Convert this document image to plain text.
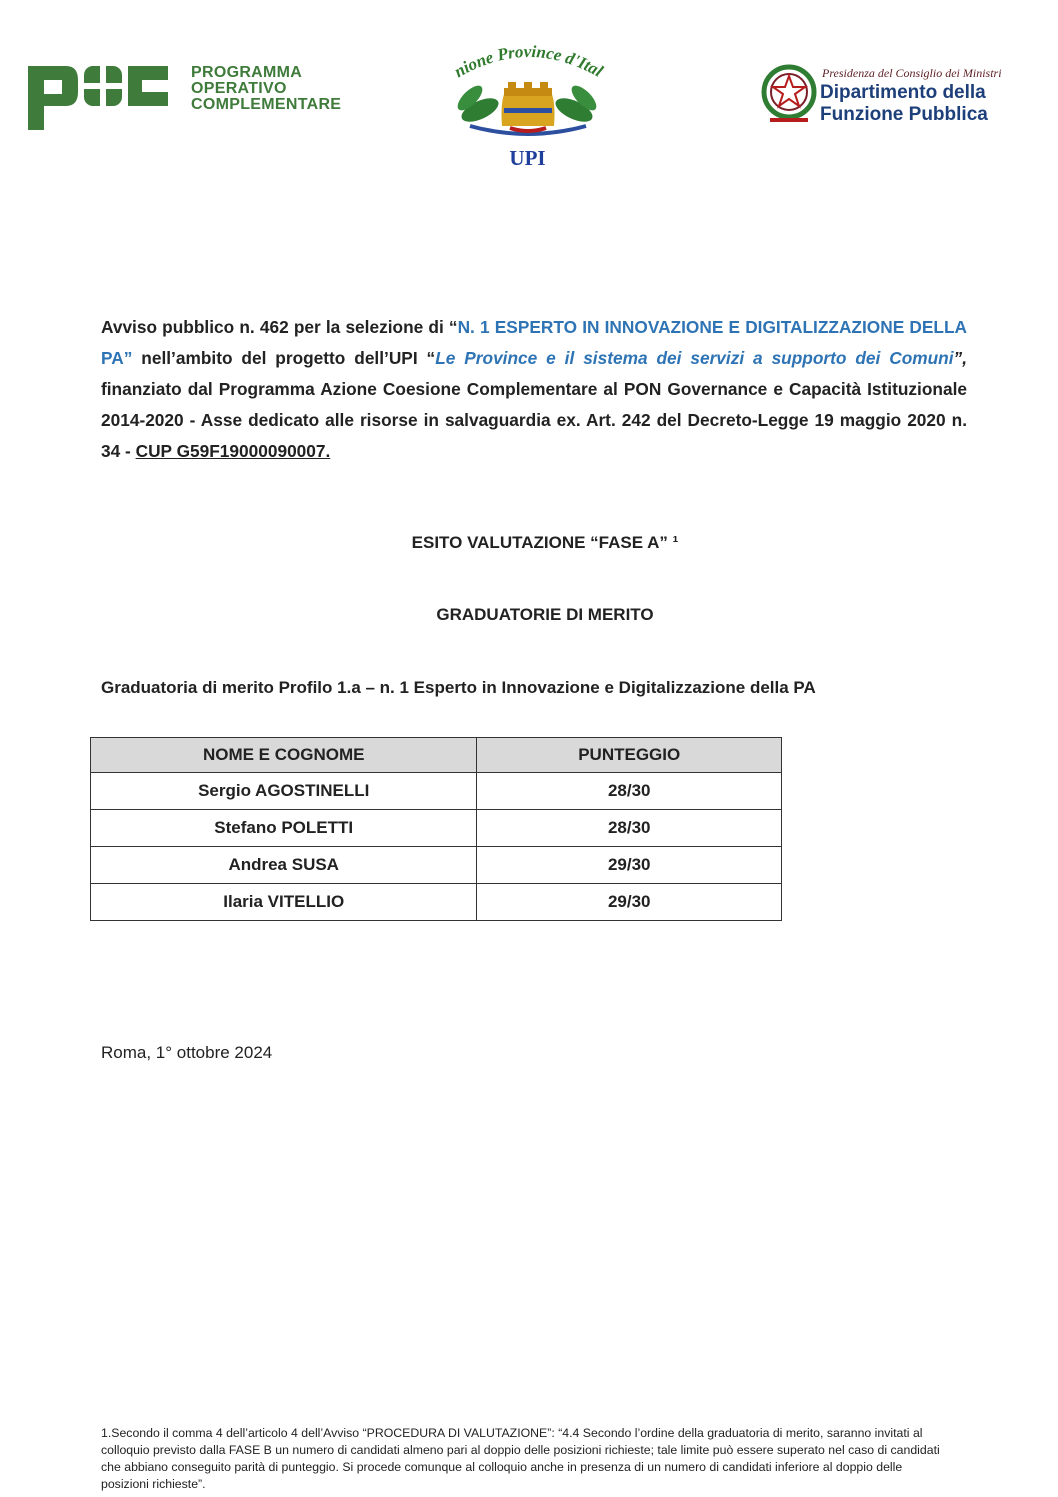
PROGRAMMA
OPERATIVO
COMPLEMENTARE
nione Province d'Ital
UPI
Presidenza del Consiglio dei Ministri
Dipartimento della
Funzione Pubblica
Avviso pubblico n. 462 per la selezione di “N. 1 ESPERTO IN INNOVAZIONE E DIGITALIZZAZIONE DELLA PA” nell’ambito del progetto dell’UPI “Le Province e il sistema dei servizi a supporto dei Comuni”, finanziato dal Programma Azione Coesione Complementare al PON Governance e Capacità Istituzionale 2014-2020 - Asse dedicato alle risorse in salvaguardia ex. Art. 242 del Decreto-Legge 19 maggio 2020 n. 34 - CUP G59F19000090007.
ESITO VALUTAZIONE “FASE A” ¹
GRADUATORIE DI MERITO
Graduatoria di merito Profilo 1.a – n. 1 Esperto in Innovazione e Digitalizzazione della PA
NOME E COGNOME	PUNTEGGIO
Sergio AGOSTINELLI	28/30
Stefano POLETTI	28/30
Andrea SUSA	29/30
Ilaria VITELLIO	29/30
Roma, 1° ottobre 2024
1.Secondo il comma 4 dell’articolo 4 dell’Avviso “PROCEDURA DI VALUTAZIONE”: “4.4 Secondo l’ordine della graduatoria di merito, saranno invitati al colloquio previsto dalla FASE B un numero di candidati almeno pari al doppio delle posizioni richieste; tale limite può essere superato nel caso di candidati che abbiano conseguito parità di punteggio. Si procede comunque al colloquio anche in presenza di un numero di candidati inferiore al doppio delle posizioni richieste”.
